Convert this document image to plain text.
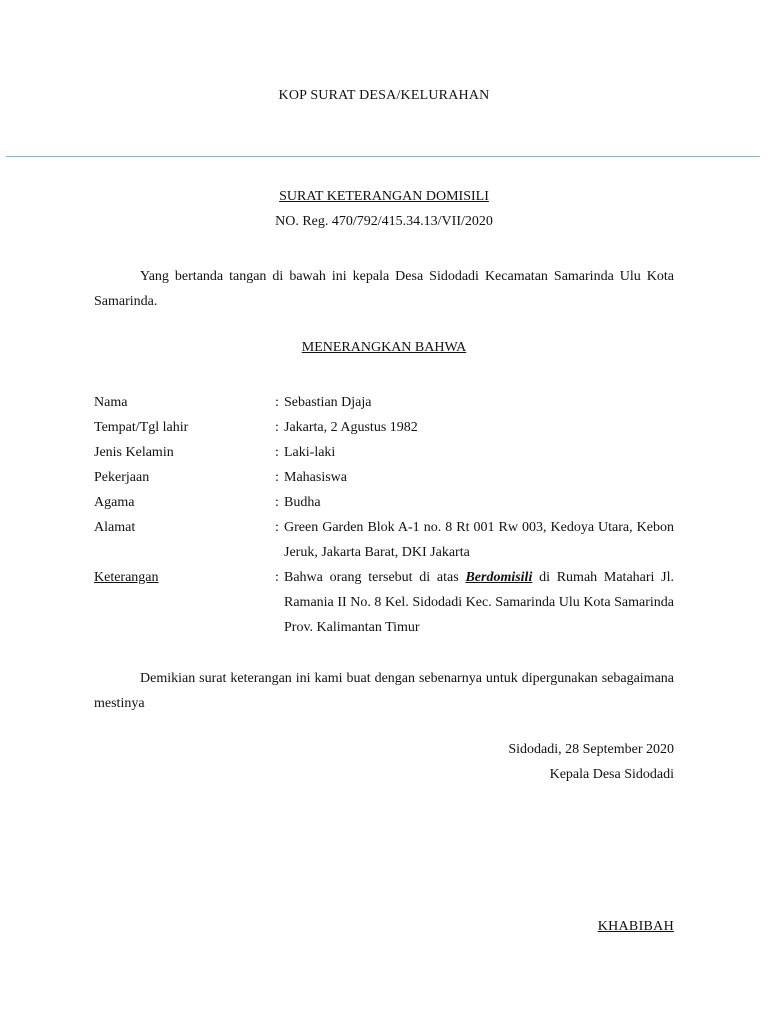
KOP SURAT DESA/KELURAHAN
SURAT KETERANGAN DOMISILI
NO. Reg. 470/792/415.34.13/VII/2020
Yang bertanda tangan di bawah ini kepala Desa Sidodadi Kecamatan Samarinda Ulu Kota Samarinda.
MENERANGKAN BAHWA
Nama	: Sebastian Djaja
Tempat/Tgl lahir	: Jakarta, 2 Agustus 1982
Jenis Kelamin	: Laki-laki
Pekerjaan	: Mahasiswa
Agama	: Budha
Alamat	: Green Garden Blok A-1 no. 8 Rt 001 Rw 003, Kedoya Utara, Kebon Jeruk, Jakarta Barat, DKI Jakarta
Keterangan	: Bahwa orang tersebut di atas Berdomisili di Rumah Matahari Jl. Ramania II No. 8 Kel. Sidodadi Kec. Samarinda Ulu Kota Samarinda Prov. Kalimantan Timur
Demikian surat keterangan ini kami buat dengan sebenarnya untuk dipergunakan sebagaimana mestinya
Sidodadi, 28 September 2020
Kepala Desa Sidodadi
KHABIBAH
